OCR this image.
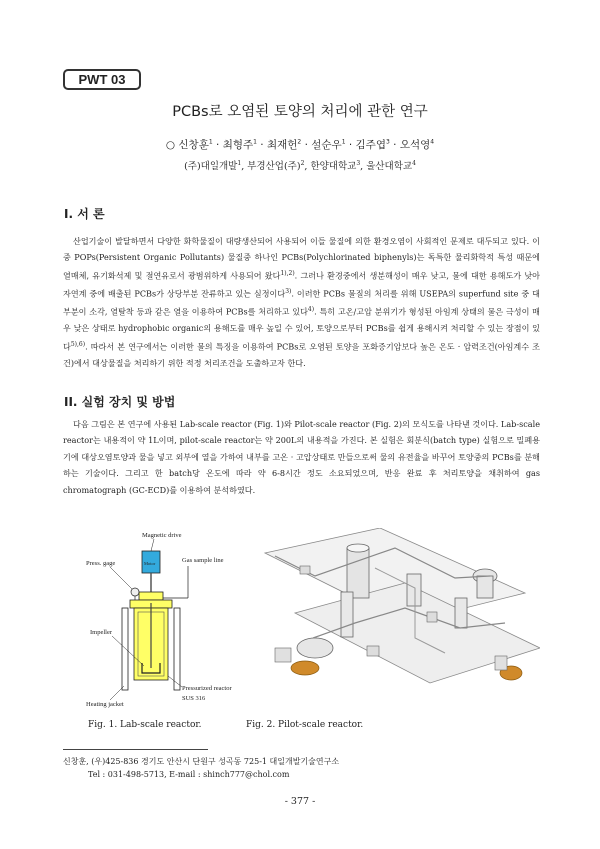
PWT 03
PCBs로 오염된 토양의 처리에 관한 연구
○ 신창훈$^1$ · 최형주$^1$ · 최재헌$^2$ · 설순우$^1$ · 김주엽$^3$ · 오석영$^4$
(주)대일개발$^1$, 부경산업(주)$^2$, 한양대학교$^3$, 울산대학교$^4$
I. 서 론

산업기술이 발달하면서 다양한 화학물질이 대량생산되어 사용되어 이들 물질에 의한 환경오염이 사회적인 문제로 대두되고 있다. 이 중 POPs(Persistent Organic Pollutants) 물질중 하나인 PCBs(Polychlorinated biphenyls)는 독특한 물리화학적 특성 때문에 열매체, 유기화석제 및 절연유로서 광범위하게 사용되어 왔다$^{1),2)}$. 그러나 환경중에서 생분해성이 매우 낮고, 물에 대한 용해도가 낮아 자연계 중에 배출된 PCBs가 상당부분 잔류하고 있는 실정이다$^{3)}$. 이러한 PCBs 물질의 처리를 위해 USEPA의 superfund site 중 대부분이 소각, 열탈착 등과 같은 열을 이용하여 PCBs를 처리하고 있다$^{4)}$. 특히 고온/고압 분위기가 형성된 아임계 상태의 물은 극성이 매우 낮은 상태로 hydrophobic organic의 용해도를 매우 높일 수 있어, 토양으로부터 PCBs를 쉽게 용해시켜 처리할 수 있는 장점이 있다$^{5),6)}$. 따라서 본 연구에서는 이러한 물의 특징을 이용하여 PCBs로 오염된 토양을 포화증기압보다 높은 온도 · 압력조건(아임계수 조건)에서 대상물질을 처리하기 위한 적정 처리조건을 도출하고자 한다.

II. 실험 장치 및 방법

다음 그림은 본 연구에 사용된 Lab-scale reactor (Fig. 1)와 Pilot-scale reactor (Fig. 2)의 모식도를 나타낸 것이다. Lab-scale reactor는 내용적이 약 1L이며, pilot-scale reactor는 약 200L의 내용적을 가진다. 본 실험은 회분식(batch type) 실험으로 밀폐용기에 대상오염토양과 물을 넣고 외부에 열을 가하여 내부를 고온 · 고압상태로 만들으로써 물의 유전율을 바꾸어 토양중의 PCBs를 분해하는 기술이다. 그리고 한 batch당 온도에 따라 약 6-8시간 정도 소요되었으며, 반응 완료 후 처리토양을 채취하여 gas chromatograph (GC-ECD)를 이용하여 분석하였다.

Motor
Magnetic drive
Press. gage	Gas sample line
Impeller
Pressurized reactor
SUS 316
Heating jacket
Fig. 1. Lab-scale reactor.	Fig. 2. Pilot-scale reactor.
신창훈, (우)425-836 경기도 안산시 단원구 성곡동 725-1 대일개발기술연구소
Tel : 031-498-5713, E-mail : shinch777@chol.com
- 377 -
